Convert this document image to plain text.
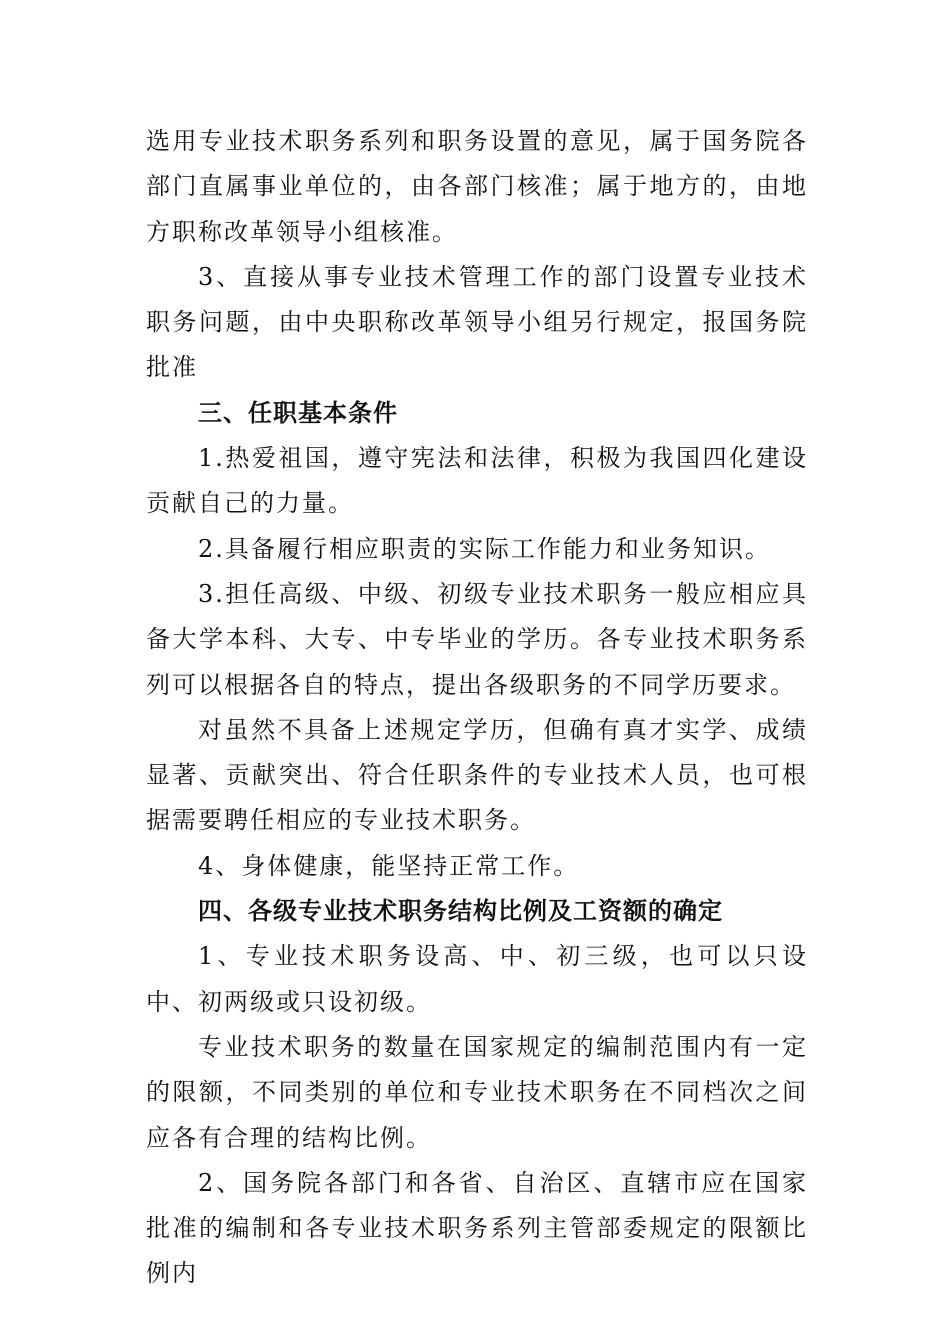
选用专业技术职务系列和职务设置的意见，属于国务院各部门直属事业单位的，由各部门核准；属于地方的，由地方职称改革领导小组核准。

3、直接从事专业技术管理工作的部门设置专业技术职务问题，由中央职称改革领导小组另行规定，报国务院批准

三、任职基本条件

1.热爱祖国，遵守宪法和法律，积极为我国四化建设贡献自己的力量。

2.具备履行相应职责的实际工作能力和业务知识。

3.担任高级、中级、初级专业技术职务一般应相应具备大学本科、大专、中专毕业的学历。各专业技术职务系列可以根据各自的特点，提出各级职务的不同学历要求。

对虽然不具备上述规定学历，但确有真才实学、成绩显著、贡献突出、符合任职条件的专业技术人员，也可根据需要聘任相应的专业技术职务。

4、身体健康，能坚持正常工作。

四、各级专业技术职务结构比例及工资额的确定

1、专业技术职务设高、中、初三级，也可以只设中、初两级或只设初级。

专业技术职务的数量在国家规定的编制范围内有一定的限额，不同类别的单位和专业技术职务在不同档次之间应各有合理的结构比例。

2、国务院各部门和各省、自治区、直辖市应在国家批准的编制和各专业技术职务系列主管部委规定的限额比例内
